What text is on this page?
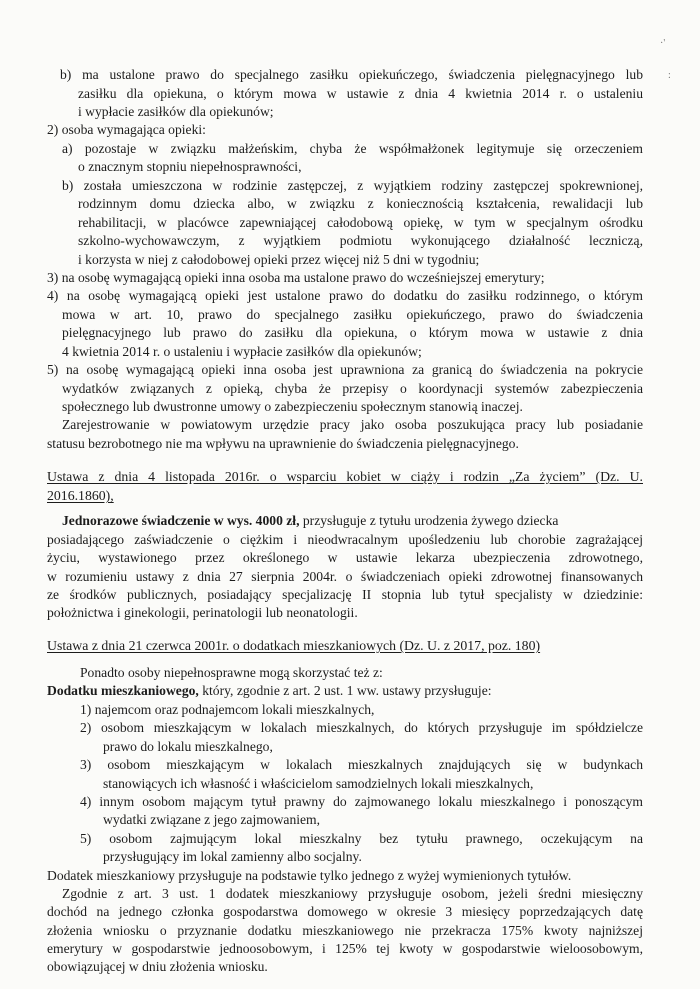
·'
:
b) ma ustalone prawo do specjalnego zasiłku opiekuńczego, świadczenia pielęgnacyjnego lub
zasiłku dla opiekuna, o którym mowa w ustawie z dnia 4 kwietnia 2014 r. o ustaleniu
i wypłacie zasiłków dla opiekunów;
2) osoba wymagająca opieki:
a) pozostaje w związku małżeńskim, chyba że współmałżonek legitymuje się orzeczeniem
o znacznym stopniu niepełnosprawności,
b) została umieszczona w rodzinie zastępczej, z wyjątkiem rodziny zastępczej spokrewnionej,
rodzinnym domu dziecka albo, w związku z koniecznością kształcenia, rewalidacji lub
rehabilitacji, w placówce zapewniającej całodobową opiekę, w tym w specjalnym ośrodku
szkolno-wychowawczym, z wyjątkiem podmiotu wykonującego działalność leczniczą,
i korzysta w niej z całodobowej opieki przez więcej niż 5 dni w tygodniu;
3) na osobę wymagającą opieki inna osoba ma ustalone prawo do wcześniejszej emerytury;
4) na osobę wymagającą opieki jest ustalone prawo do dodatku do zasiłku rodzinnego, o którym
mowa w art. 10, prawo do specjalnego zasiłku opiekuńczego, prawo do świadczenia
pielęgnacyjnego lub prawo do zasiłku dla opiekuna, o którym mowa w ustawie z dnia
4 kwietnia 2014 r. o ustaleniu i wypłacie zasiłków dla opiekunów;
5) na osobę wymagającą opieki inna osoba jest uprawniona za granicą do świadczenia na pokrycie
wydatków związanych z opieką, chyba że przepisy o koordynacji systemów zabezpieczenia
społecznego lub dwustronne umowy o zabezpieczeniu społecznym stanowią inaczej.
Zarejestrowanie w powiatowym urzędzie pracy jako osoba poszukująca pracy lub posiadanie
statusu bezrobotnego nie ma wpływu na uprawnienie do świadczenia pielęgnacyjnego.
Ustawa z dnia 4 listopada 2016r. o wsparciu kobiet w ciąży i rodzin „Za życiem” (Dz. U.
2016.1860),
Jednorazowe świadczenie w wys. 4000 zł, przysługuje z tytułu urodzenia żywego dziecka
posiadającego zaświadczenie o ciężkim i nieodwracalnym upośledzeniu lub chorobie zagrażającej
życiu, wystawionego przez określonego w ustawie lekarza ubezpieczenia zdrowotnego,
w rozumieniu ustawy z dnia 27 sierpnia 2004r. o świadczeniach opieki zdrowotnej finansowanych
ze środków publicznych, posiadający specjalizację II stopnia lub tytuł specjalisty w dziedzinie:
położnictwa i ginekologii, perinatologii lub neonatologii.
Ustawa z dnia 21 czerwca 2001r. o dodatkach mieszkaniowych (Dz. U. z 2017, poz. 180)
Ponadto osoby niepełnosprawne mogą skorzystać też z:
Dodatku mieszkaniowego, który, zgodnie z art. 2 ust. 1 ww. ustawy przysługuje:
1) najemcom oraz podnajemcom lokali mieszkalnych,
2) osobom mieszkającym w lokalach mieszkalnych, do których przysługuje im spółdzielcze
prawo do lokalu mieszkalnego,
3) osobom mieszkającym w lokalach mieszkalnych znajdujących się w budynkach
stanowiących ich własność i właścicielom samodzielnych lokali mieszkalnych,
4) innym osobom mającym tytuł prawny do zajmowanego lokalu mieszkalnego i ponoszącym
wydatki związane z jego zajmowaniem,
5) osobom zajmującym lokal mieszkalny bez tytułu prawnego, oczekującym na
przysługujący im lokal zamienny albo socjalny.
Dodatek mieszkaniowy przysługuje na podstawie tylko jednego z wyżej wymienionych tytułów.
Zgodnie z art. 3 ust. 1 dodatek mieszkaniowy przysługuje osobom, jeżeli średni miesięczny
dochód na jednego członka gospodarstwa domowego w okresie 3 miesięcy poprzedzających datę
złożenia wniosku o przyznanie dodatku mieszkaniowego nie przekracza 175% kwoty najniższej
emerytury w gospodarstwie jednoosobowym, i 125% tej kwoty w gospodarstwie wieloosobowym,
obowiązującej w dniu złożenia wniosku.
